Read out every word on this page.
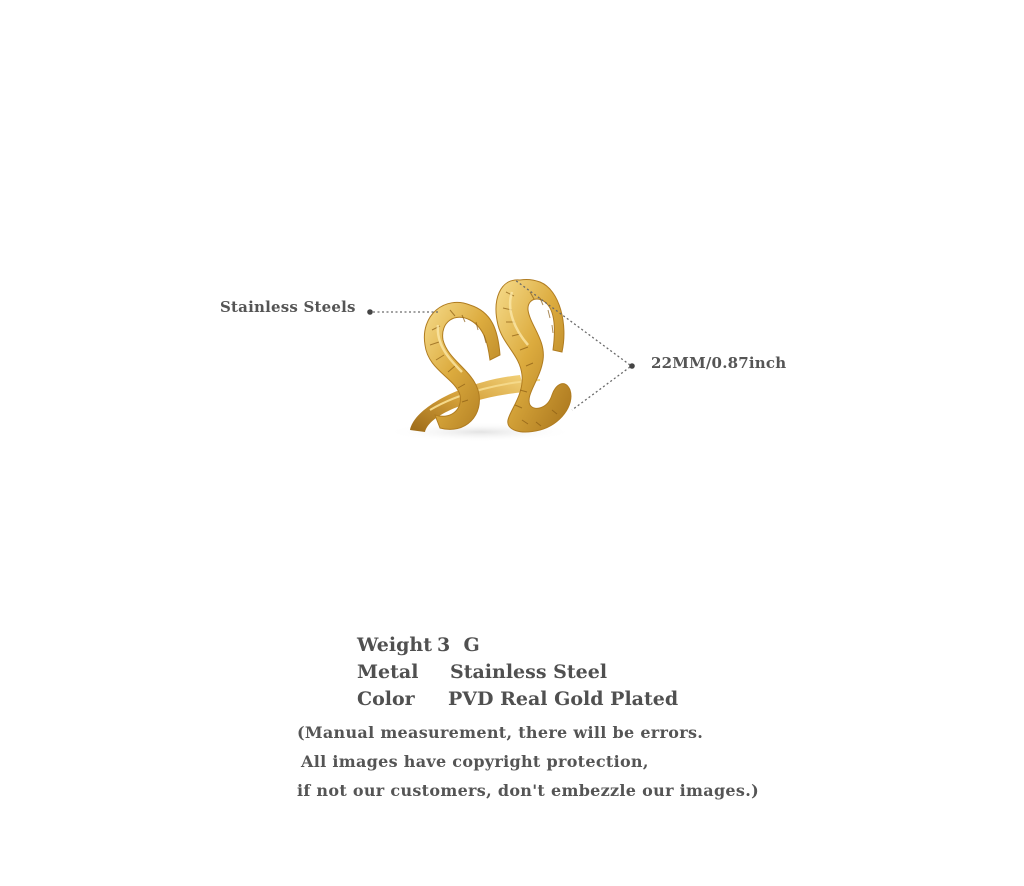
Stainless Steels
22MM/0.87inch
Weight 3  G
Metal Stainless Steel
Color PVD Real Gold Plated
(Manual measurement, there will be errors.
All images have copyright protection,
if not our customers, don't embezzle our images.)
